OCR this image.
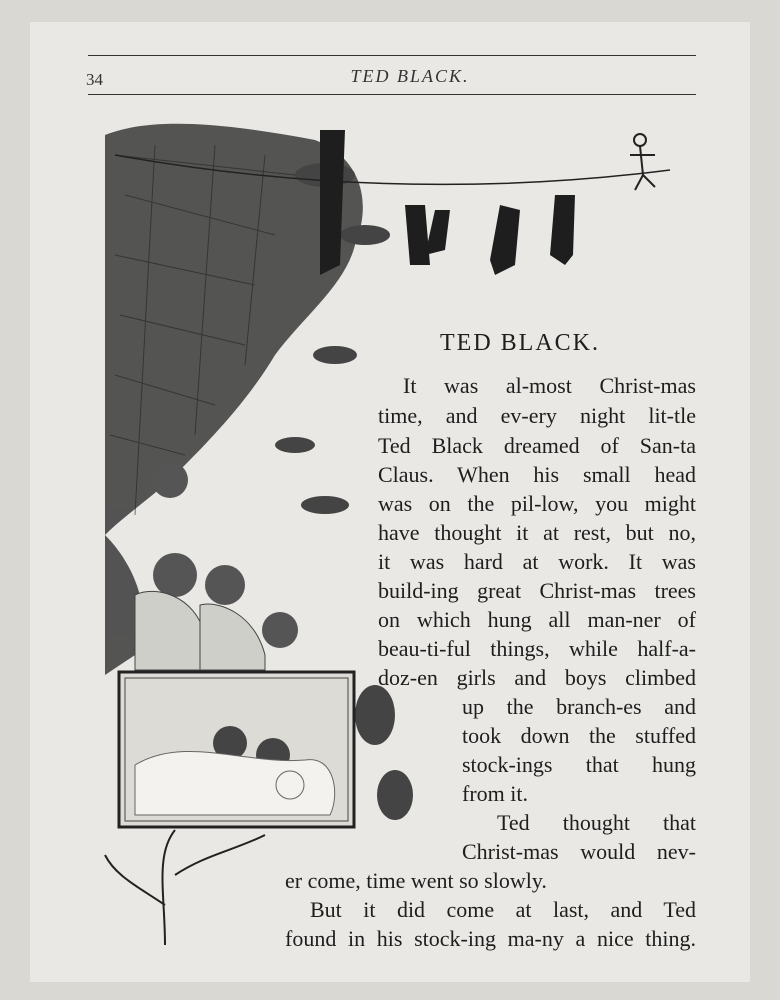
34	TED BLACK.
TED BLACK.
It was al-most Christ-mas
time, and ev-ery night lit-tle
Ted Black dreamed of San-ta
Claus. When his small head
was on the pil-low, you might
have thought it at rest, but no,
it was hard at work. It was
build-ing great Christ-mas trees
on which hung all man-ner of
beau-ti-ful things, while half-a-
doz-en girls and boys climbed
up the branch-es and
took down the stuffed
stock-ings that hung
from it.
Ted thought that
Christ-mas would nev-
er come, time went so slowly.
But it did come at last, and Ted
found in his stock-ing ma-ny a nice thing.
